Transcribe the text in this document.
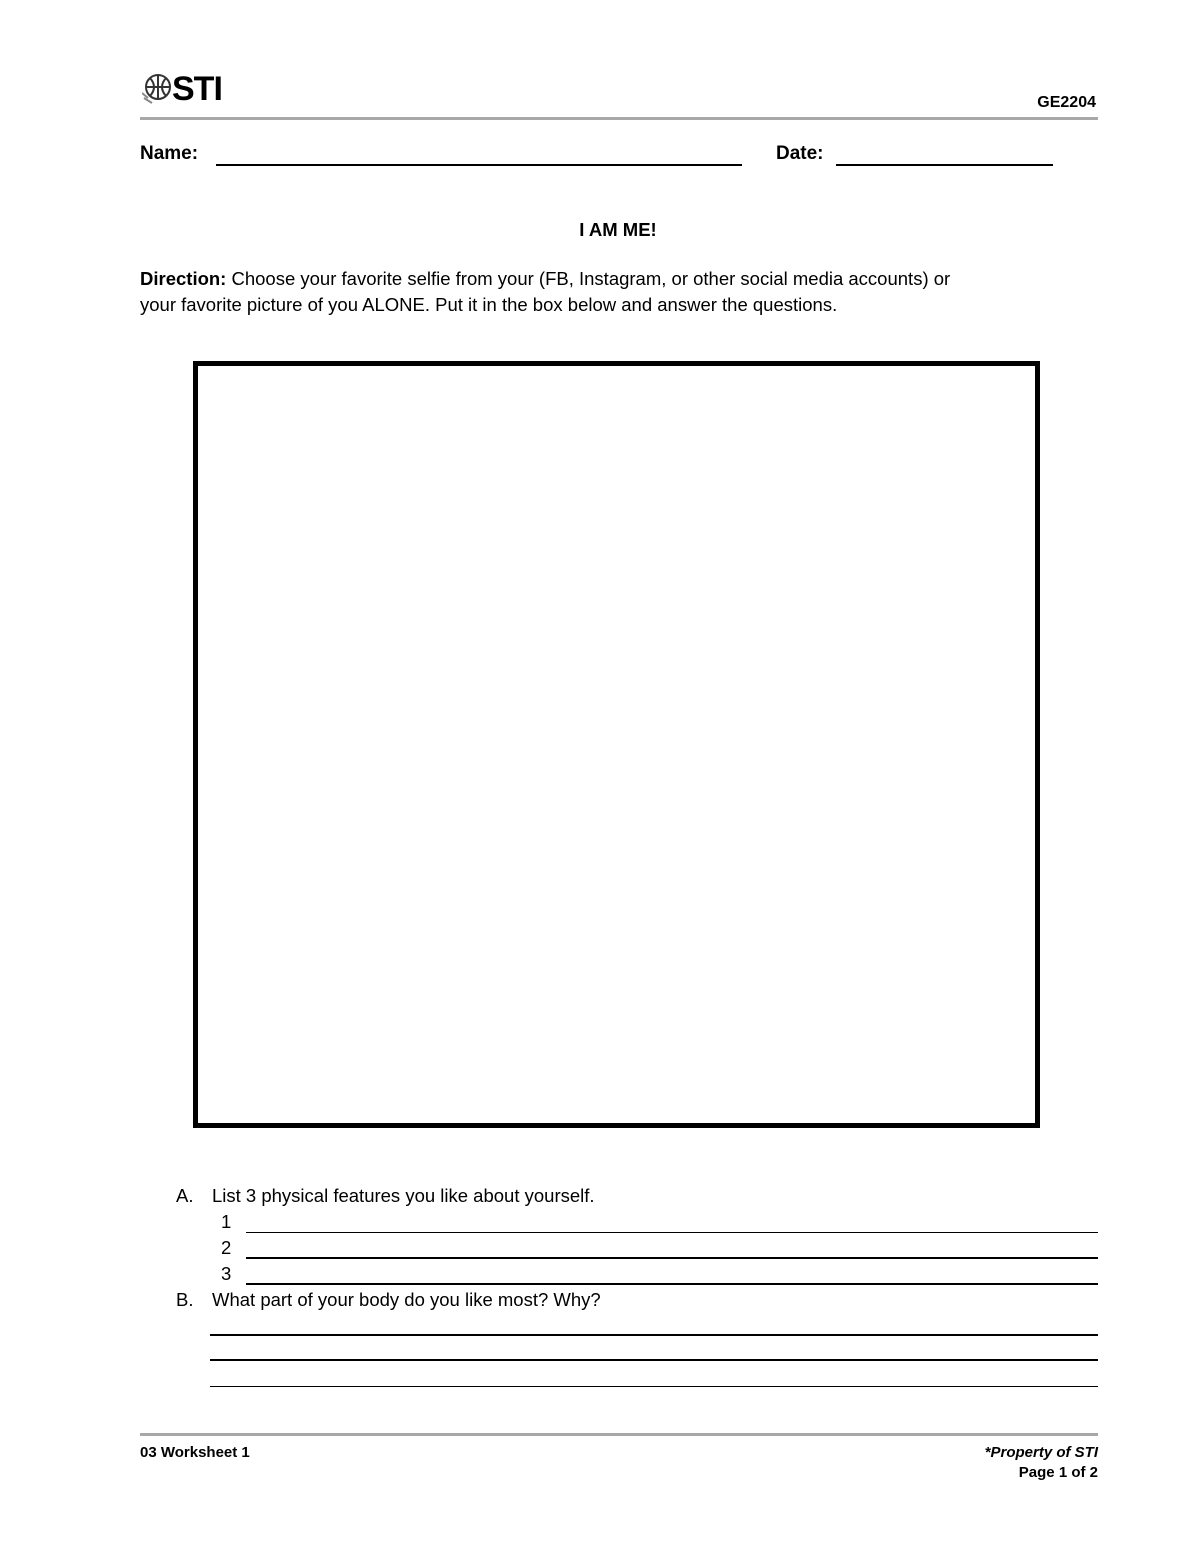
STI	GE2204
Name:	Date:
I AM ME!
Direction: Choose your favorite selfie from your (FB, Instagram, or other social media accounts) or
your favorite picture of you ALONE. Put it in the box below and answer the questions.
A. List 3 physical features you like about yourself.
1
2
3
B. What part of your body do you like most? Why?
03 Worksheet 1	*Property of STI
Page 1 of 2
